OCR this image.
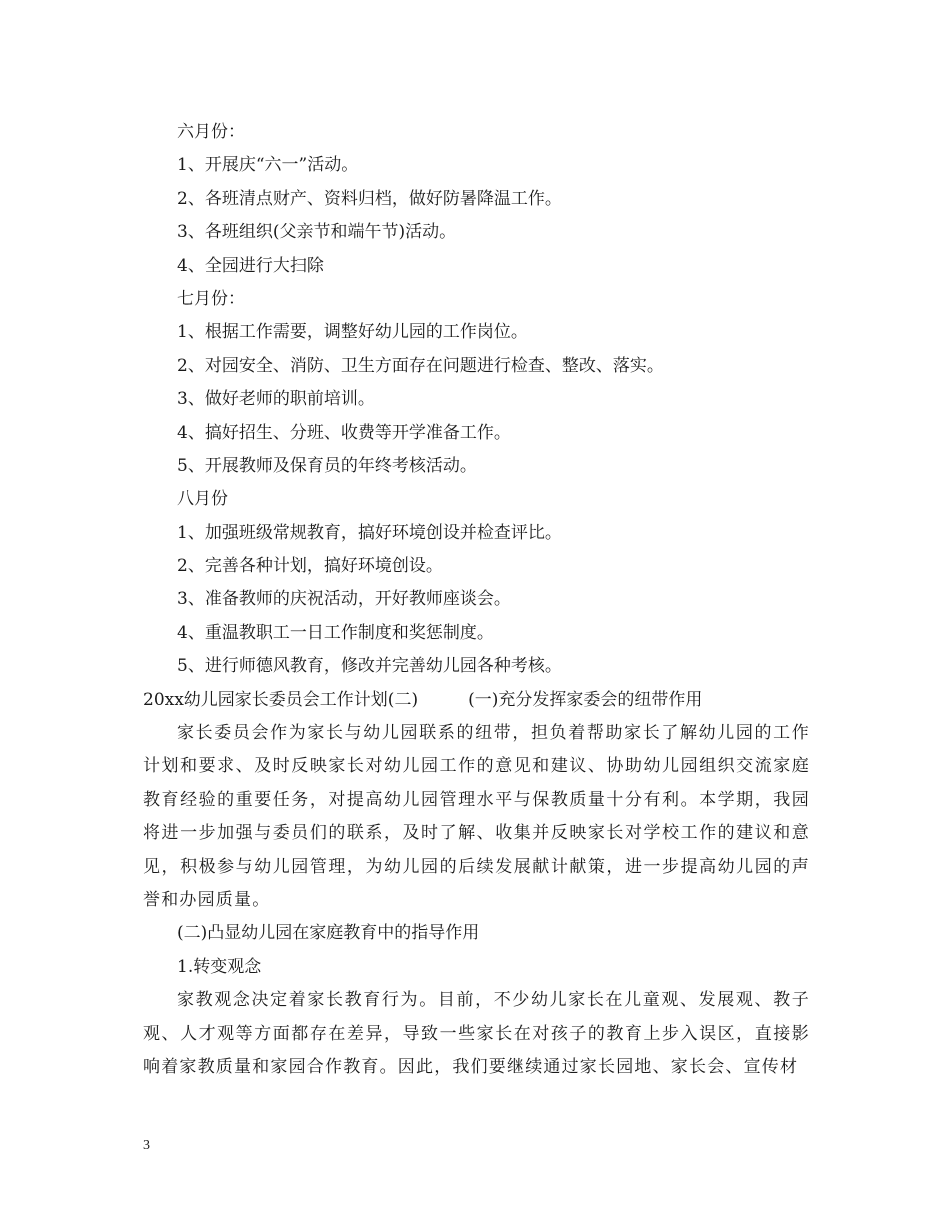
六月份：
1、开展庆“六一”活动。
2、各班清点财产、资料归档，做好防暑降温工作。
3、各班组织(父亲节和端午节)活动。
4、全园进行大扫除
七月份：
1、根据工作需要，调整好幼儿园的工作岗位。
2、对园安全、消防、卫生方面存在问题进行检查、整改、落实。
3、做好老师的职前培训。
4、搞好招生、分班、收费等开学准备工作。
5、开展教师及保育员的年终考核活动。
八月份
1、加强班级常规教育，搞好环境创设并检查评比。
2、完善各种计划，搞好环境创设。
3、准备教师的庆祝活动，开好教师座谈会。
4、重温教职工一日工作制度和奖惩制度。
5、进行师德风教育，修改并完善幼儿园各种考核。
20xx幼儿园家长委员会工作计划(二)	(一)充分发挥家委会的纽带作用
家长委员会作为家长与幼儿园联系的纽带，担负着帮助家长了解幼儿园的工作计划和要求、及时反映家长对幼儿园工作的意见和建议、协助幼儿园组织交流家庭教育经验的重要任务，对提高幼儿园管理水平与保教质量十分有利。本学期，我园将进一步加强与委员们的联系，及时了解、收集并反映家长对学校工作的建议和意见，积极参与幼儿园管理，为幼儿园的后续发展献计献策，进一步提高幼儿园的声誉和办园质量。
(二)凸显幼儿园在家庭教育中的指导作用
1.转变观念
家教观念决定着家长教育行为。目前，不少幼儿家长在儿童观、发展观、教子观、人才观等方面都存在差异，导致一些家长在对孩子的教育上步入误区，直接影响着家教质量和家园合作教育。因此，我们要继续通过家长园地、家长会、宣传材
3
